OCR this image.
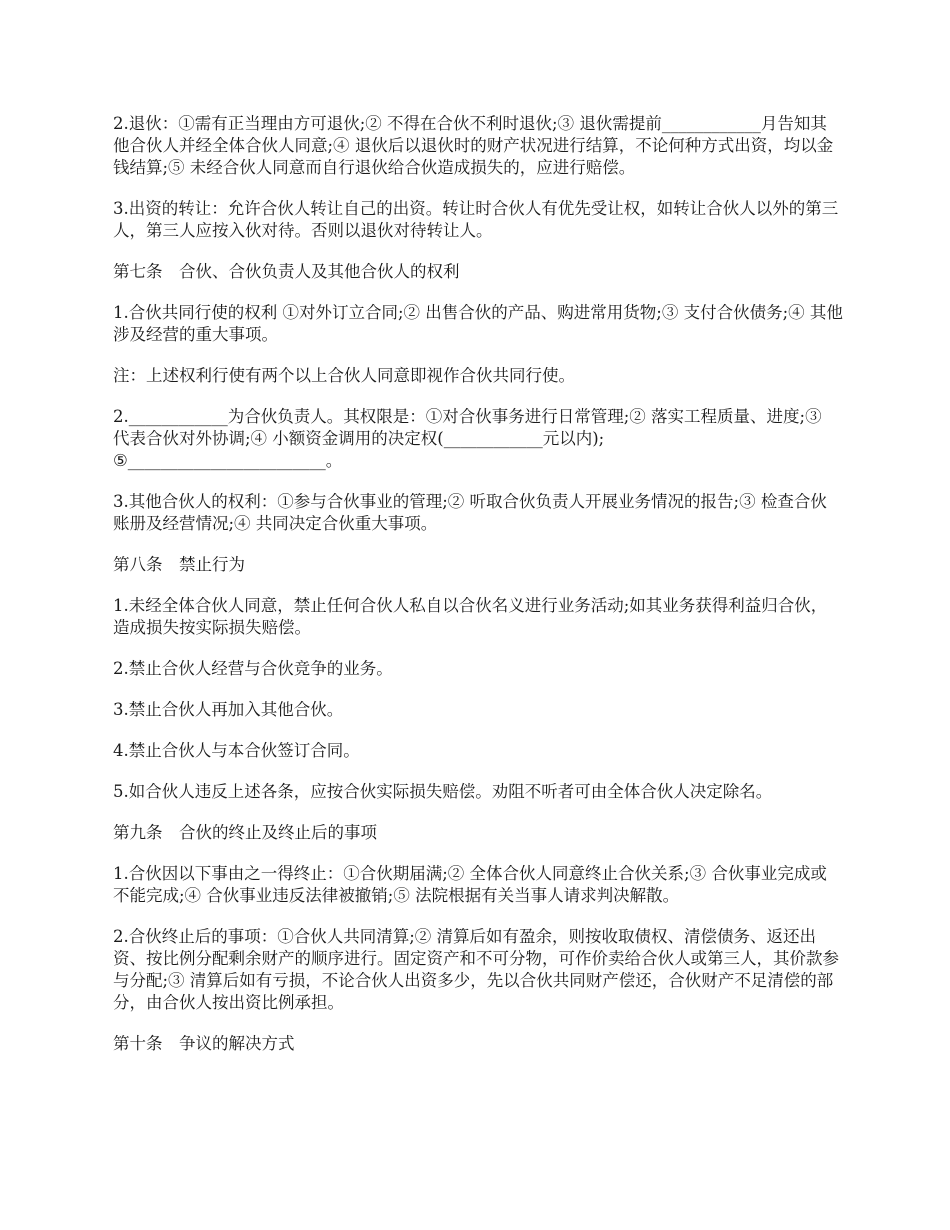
2.退伙：①需有正当理由方可退伙;② 不得在合伙不利时退伙;③ 退伙需提前____________月告知其他合伙人并经全体合伙人同意;④ 退伙后以退伙时的财产状况进行结算，不论何种方式出资，均以金钱结算;⑤ 未经合伙人同意而自行退伙给合伙造成损失的，应进行赔偿。

3.出资的转让：允许合伙人转让自己的出资。转让时合伙人有优先受让权，如转让合伙人以外的第三人，第三人应按入伙对待。否则以退伙对待转让人。

第七条　合伙、合伙负责人及其他合伙人的权利

1.合伙共同行使的权利 ①对外订立合同;② 出售合伙的产品、购进常用货物;③ 支付合伙债务;④ 其他涉及经营的重大事项。

注：上述权利行使有两个以上合伙人同意即视作合伙共同行使。

2.____________为合伙负责人。其权限是：①对合伙事务进行日常管理;② 落实工程质量、进度;③ 代表合伙对外协调;④ 小额资金调用的决定权(____________元以内);
⑤________________________。

3.其他合伙人的权利：①参与合伙事业的管理;② 听取合伙负责人开展业务情况的报告;③ 检查合伙账册及经营情况;④ 共同决定合伙重大事项。

第八条　禁止行为

1.未经全体合伙人同意，禁止任何合伙人私自以合伙名义进行业务活动;如其业务获得利益归合伙，造成损失按实际损失赔偿。

2.禁止合伙人经营与合伙竞争的业务。

3.禁止合伙人再加入其他合伙。

4.禁止合伙人与本合伙签订合同。

5.如合伙人违反上述各条，应按合伙实际损失赔偿。劝阻不听者可由全体合伙人决定除名。

第九条　合伙的终止及终止后的事项

1.合伙因以下事由之一得终止：①合伙期届满;② 全体合伙人同意终止合伙关系;③ 合伙事业完成或不能完成;④ 合伙事业违反法律被撤销;⑤ 法院根据有关当事人请求判决解散。

2.合伙终止后的事项：①合伙人共同清算;② 清算后如有盈余，则按收取债权、清偿债务、返还出资、按比例分配剩余财产的顺序进行。固定资产和不可分物，可作价卖给合伙人或第三人，其价款参与分配;③ 清算后如有亏损，不论合伙人出资多少，先以合伙共同财产偿还，合伙财产不足清偿的部分，由合伙人按出资比例承担。

第十条　争议的解决方式
